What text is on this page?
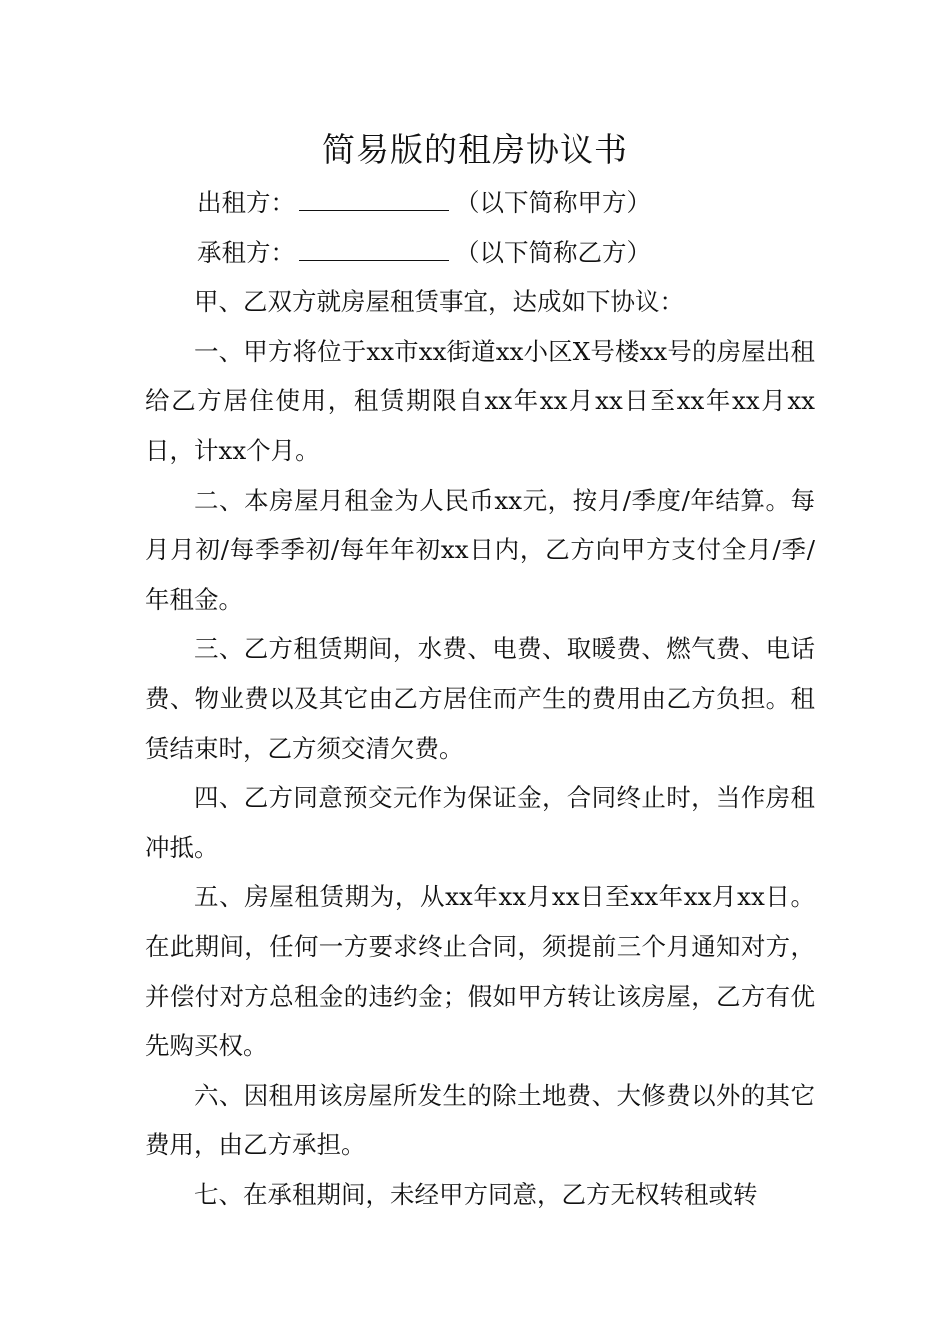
简易版的租房协议书

出租方：	（以下简称甲方）

承租方：	（以下简称乙方）

甲、乙双方就房屋租赁事宜，达成如下协议：

一、甲方将位于xx市xx街道xx小区X号楼xx号的房屋出租给乙方居住使用，租赁期限自xx年xx月xx日至xx年xx月xx日，计xx个月。

二、本房屋月租金为人民币xx元，按月/季度/年结算。每月月初/每季季初/每年年初xx日内，乙方向甲方支付全月/季/年租金。

三、乙方租赁期间，水费、电费、取暖费、燃气费、电话费、物业费以及其它由乙方居住而产生的费用由乙方负担。租赁结束时，乙方须交清欠费。

四、乙方同意预交元作为保证金，合同终止时，当作房租冲抵。

五、房屋租赁期为，从xx年xx月xx日至xx年xx月xx日。在此期间，任何一方要求终止合同，须提前三个月通知对方，并偿付对方总租金的违约金；假如甲方转让该房屋，乙方有优先购买权。

六、因租用该房屋所发生的除土地费、大修费以外的其它费用，由乙方承担。

七、在承租期间，未经甲方同意，乙方无权转租或转
